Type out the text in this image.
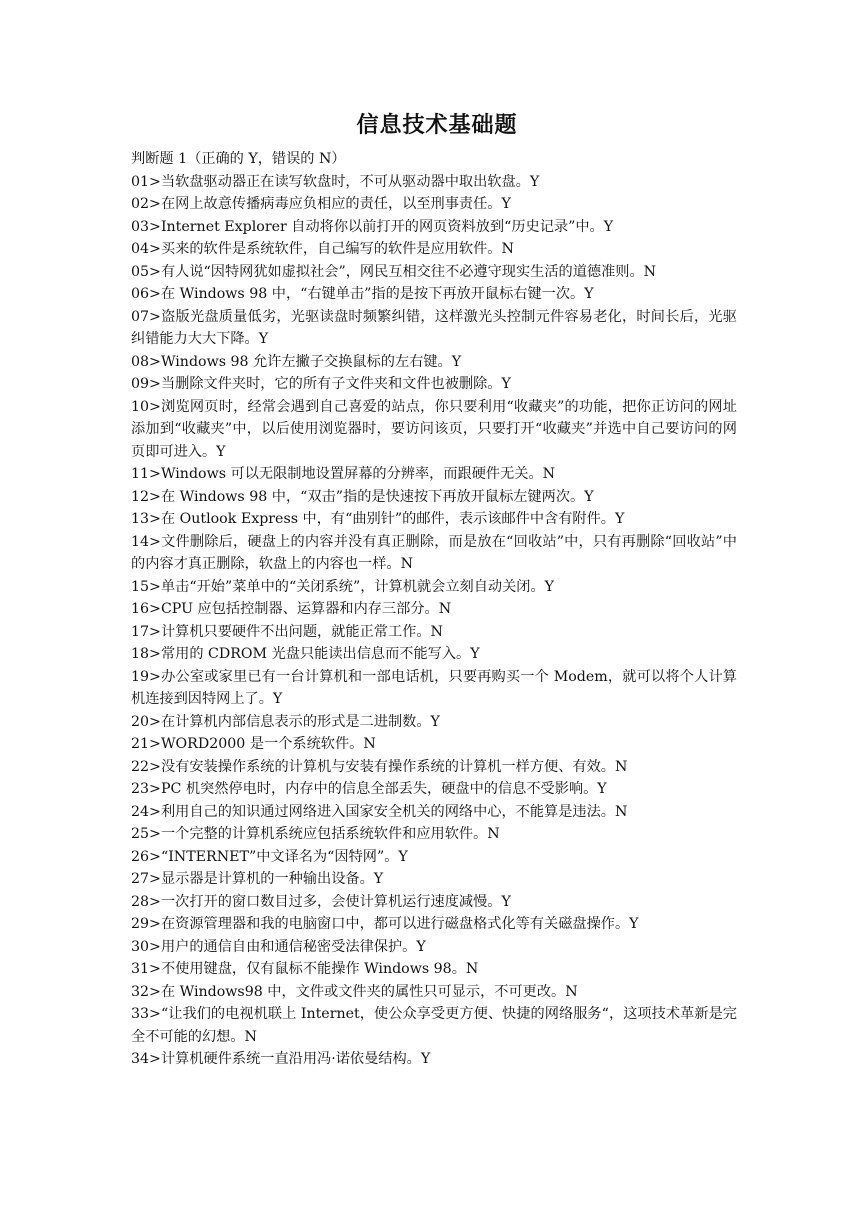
信息技术基础题
判断题 1（正确的 Y，错误的 N）
01>当软盘驱动器正在读写软盘时，不可从驱动器中取出软盘。Y
02>在网上故意传播病毒应负相应的责任，以至刑事责任。Y
03>Internet Explorer 自动将你以前打开的网页资料放到“历史记录”中。Y
04>买来的软件是系统软件，自己编写的软件是应用软件。N
05>有人说“因特网犹如虚拟社会”，网民互相交往不必遵守现实生活的道德准则。N
06>在 Windows 98 中，“右键单击”指的是按下再放开鼠标右键一次。Y
07>盗版光盘质量低劣，光驱读盘时频繁纠错，这样激光头控制元件容易老化，时间长后，光驱纠错能力大大下降。Y
08>Windows 98 允许左撇子交换鼠标的左右键。Y
09>当删除文件夹时，它的所有子文件夹和文件也被删除。Y
10>浏览网页时，经常会遇到自己喜爱的站点，你只要利用“收藏夹”的功能，把你正访问的网址添加到“收藏夹”中，以后使用浏览器时，要访问该页，只要打开“收藏夹”并选中自己要访问的网页即可进入。Y
11>Windows 可以无限制地设置屏幕的分辨率，而跟硬件无关。N
12>在 Windows 98 中，“双击”指的是快速按下再放开鼠标左键两次。Y
13>在 Outlook Express 中，有“曲别针”的邮件，表示该邮件中含有附件。Y
14>文件删除后，硬盘上的内容并没有真正删除，而是放在“回收站”中，只有再删除“回收站”中的内容才真正删除，软盘上的内容也一样。N
15>单击“开始”菜单中的“关闭系统”，计算机就会立刻自动关闭。Y
16>CPU 应包括控制器、运算器和内存三部分。N
17>计算机只要硬件不出问题，就能正常工作。N
18>常用的 CDROM 光盘只能读出信息而不能写入。Y
19>办公室或家里已有一台计算机和一部电话机，只要再购买一个 Modem，就可以将个人计算机连接到因特网上了。Y
20>在计算机内部信息表示的形式是二进制数。Y
21>WORD2000 是一个系统软件。N
22>没有安装操作系统的计算机与安装有操作系统的计算机一样方便、有效。N
23>PC 机突然停电时，内存中的信息全部丢失，硬盘中的信息不受影响。Y
24>利用自己的知识通过网络进入国家安全机关的网络中心，不能算是违法。N
25>一个完整的计算机系统应包括系统软件和应用软件。N
26>“INTERNET”中文译名为“因特网”。Y
27>显示器是计算机的一种输出设备。Y
28>一次打开的窗口数目过多，会使计算机运行速度减慢。Y
29>在资源管理器和我的电脑窗口中，都可以进行磁盘格式化等有关磁盘操作。Y
30>用户的通信自由和通信秘密受法律保护。Y
31>不使用键盘，仅有鼠标不能操作 Windows 98。N
32>在 Windows98 中，文件或文件夹的属性只可显示，不可更改。N
33>“让我们的电视机联上 Internet，使公众享受更方便、快捷的网络服务“，这项技术革新是完全不可能的幻想。N
34>计算机硬件系统一直沿用冯·诺依曼结构。Y
